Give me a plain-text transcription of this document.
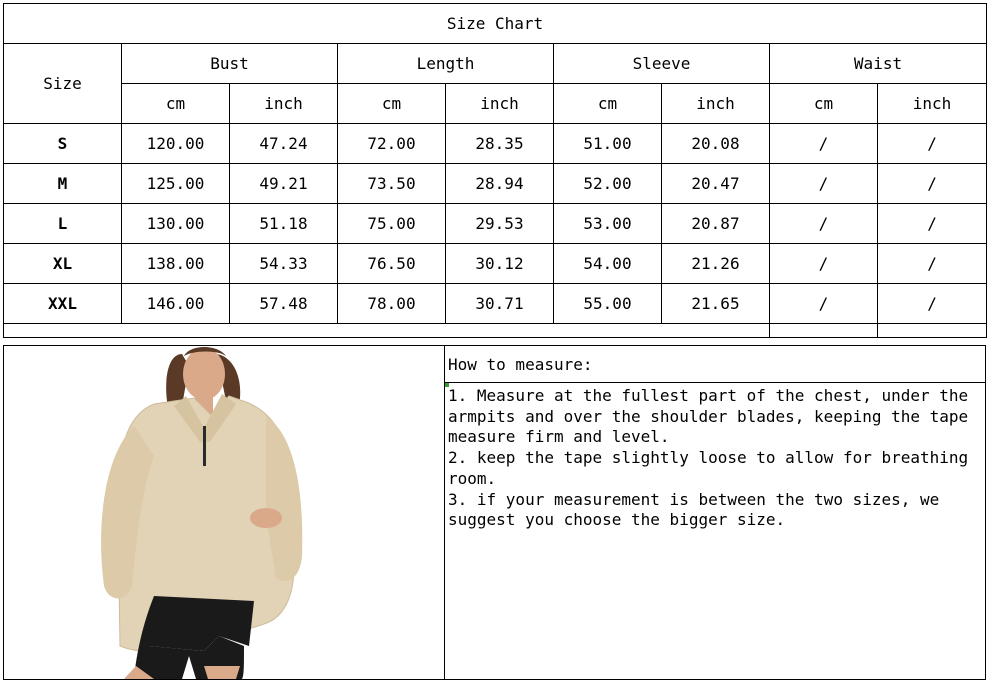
Size Chart								
Size	Bust		Length		Sleeve		Waist	
	cm	inch	cm	inch	cm	inch	cm	inch
S	120.00	47.24	72.00	28.35	51.00	20.08	/	/
M	125.00	49.21	73.50	28.94	52.00	20.47	/	/
L	130.00	51.18	75.00	29.53	53.00	20.87	/	/
XL	138.00	54.33	76.50	30.12	54.00	21.26	/	/
XXL	146.00	57.48	78.00	30.71	55.00	21.65	/	/

How to measure:

1. Measure at the fullest part of the chest, under the armpits and over the shoulder blades, keeping the tape measure firm and level.

2. keep the tape slightly loose to allow for breathing room.

3. if your measurement is between the two sizes, we suggest you choose the bigger size.
